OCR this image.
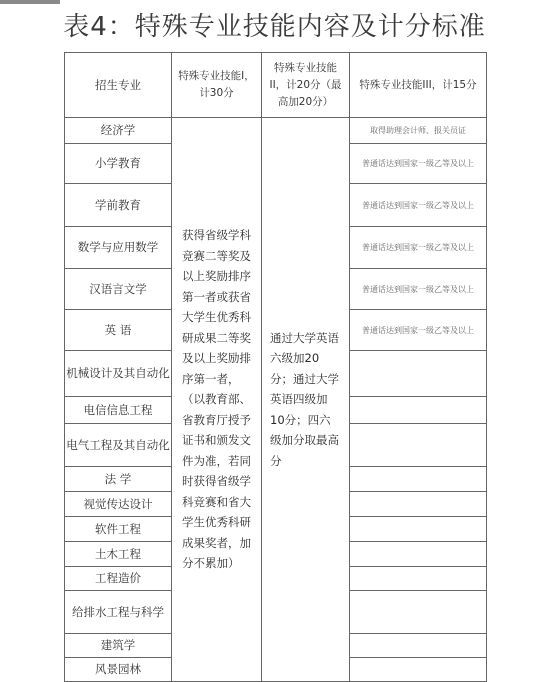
表4：特殊专业技能内容及计分标准
招生专业	特殊专业技能I，计30分	特殊专业技能II，计20分（最高加20分）	特殊专业技能III，计15分
经济学	获得省级学科竞赛二等奖及以上奖励排序第一者或获省大学生优秀科研成果二等奖及以上奖励排序第一者，（以教育部、省教育厅授予证书和颁发文件为准，若同时获得省级学科竞赛和省大学生优秀科研成果奖者，加分不累加）	通过大学英语六级加20分；通过大学英语四级加10分；四六级加分取最高分	取得助理会计师、报关员证
小学教育			普通话达到国家一级乙等及以上
学前教育			普通话达到国家一级乙等及以上
数学与应用数学			普通话达到国家一级乙等及以上
汉语言文学			普通话达到国家一级乙等及以上
英 语			普通话达到国家一级乙等及以上
机械设计及其自动化			
电信信息工程			
电气工程及其自动化			
法 学			
视觉传达设计			
软件工程			
土木工程			
工程造价			
给排水工程与科学			
建筑学			
风景园林			
